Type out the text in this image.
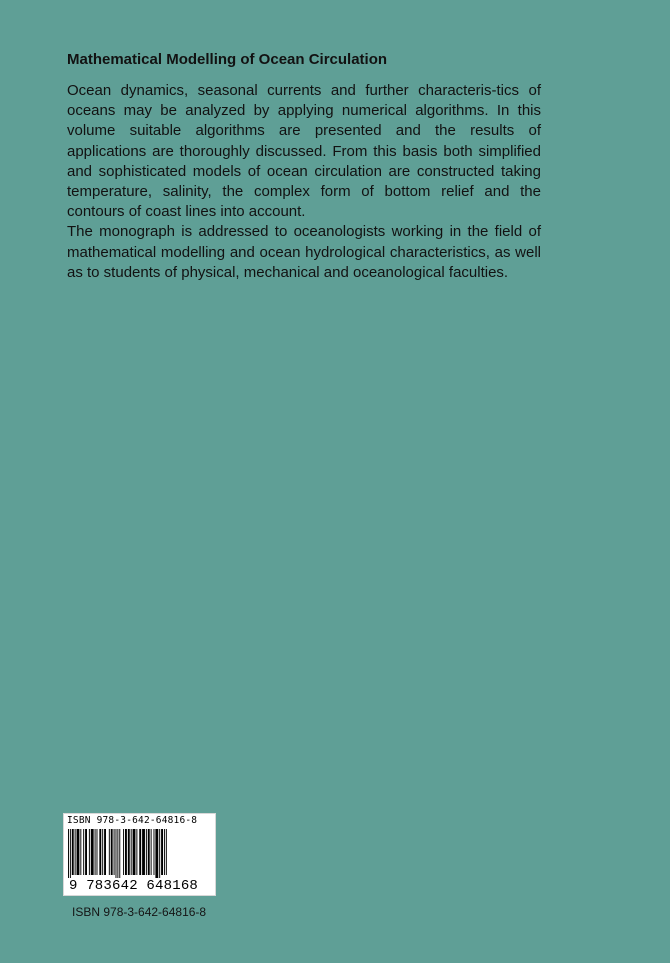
Mathematical Modelling of Ocean Circulation

Ocean dynamics, seasonal currents and further characteris-tics of oceans may be analyzed by applying numerical algorithms. In this volume suitable algorithms are presented and the results of applications are thoroughly discussed. From this basis both simplified and sophisticated models of ocean circulation are constructed taking temperature, salinity, the complex form of bottom relief and the contours of coast lines into account.

The monograph is addressed to oceanologists working in the field of mathematical modelling and ocean hydrological characteristics, as well as to students of physical, mechanical and oceanological faculties.

ISBN 978-3-642-64816-8
9 783642 648168
ISBN 978-3-642-64816-8
